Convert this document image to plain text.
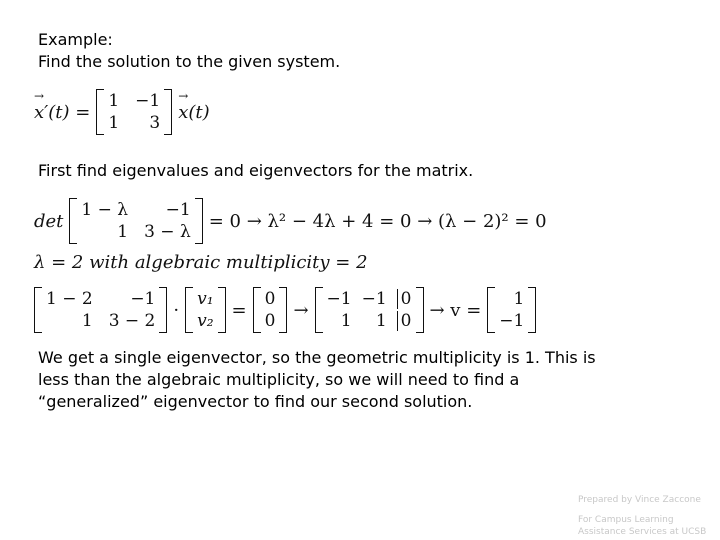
Example:
Find the solution to the given system.
→ x′(t) =
1 −1
1	3
→ x(t)
First find eigenvalues and eigenvectors for the matrix.
det
1 − λ	−1
1 3 − λ
= 0 → λ² − 4λ + 4 = 0 → (λ − 2)² = 0
λ = 2 with algebraic multiplicity = 2
1 − 2	−1
1 3 − 2
·
v₁
v₂
=
0
0
→
−1 −1 0
1	1 0
→ v =
1
−1
We get a single eigenvector, so the geometric multiplicity is 1. This is
less than the algebraic multiplicity, so we will need to find a
“generalized” eigenvector to find our second solution.
Prepared by Vince Zaccone
For Campus Learning
Assistance Services at UCSB
